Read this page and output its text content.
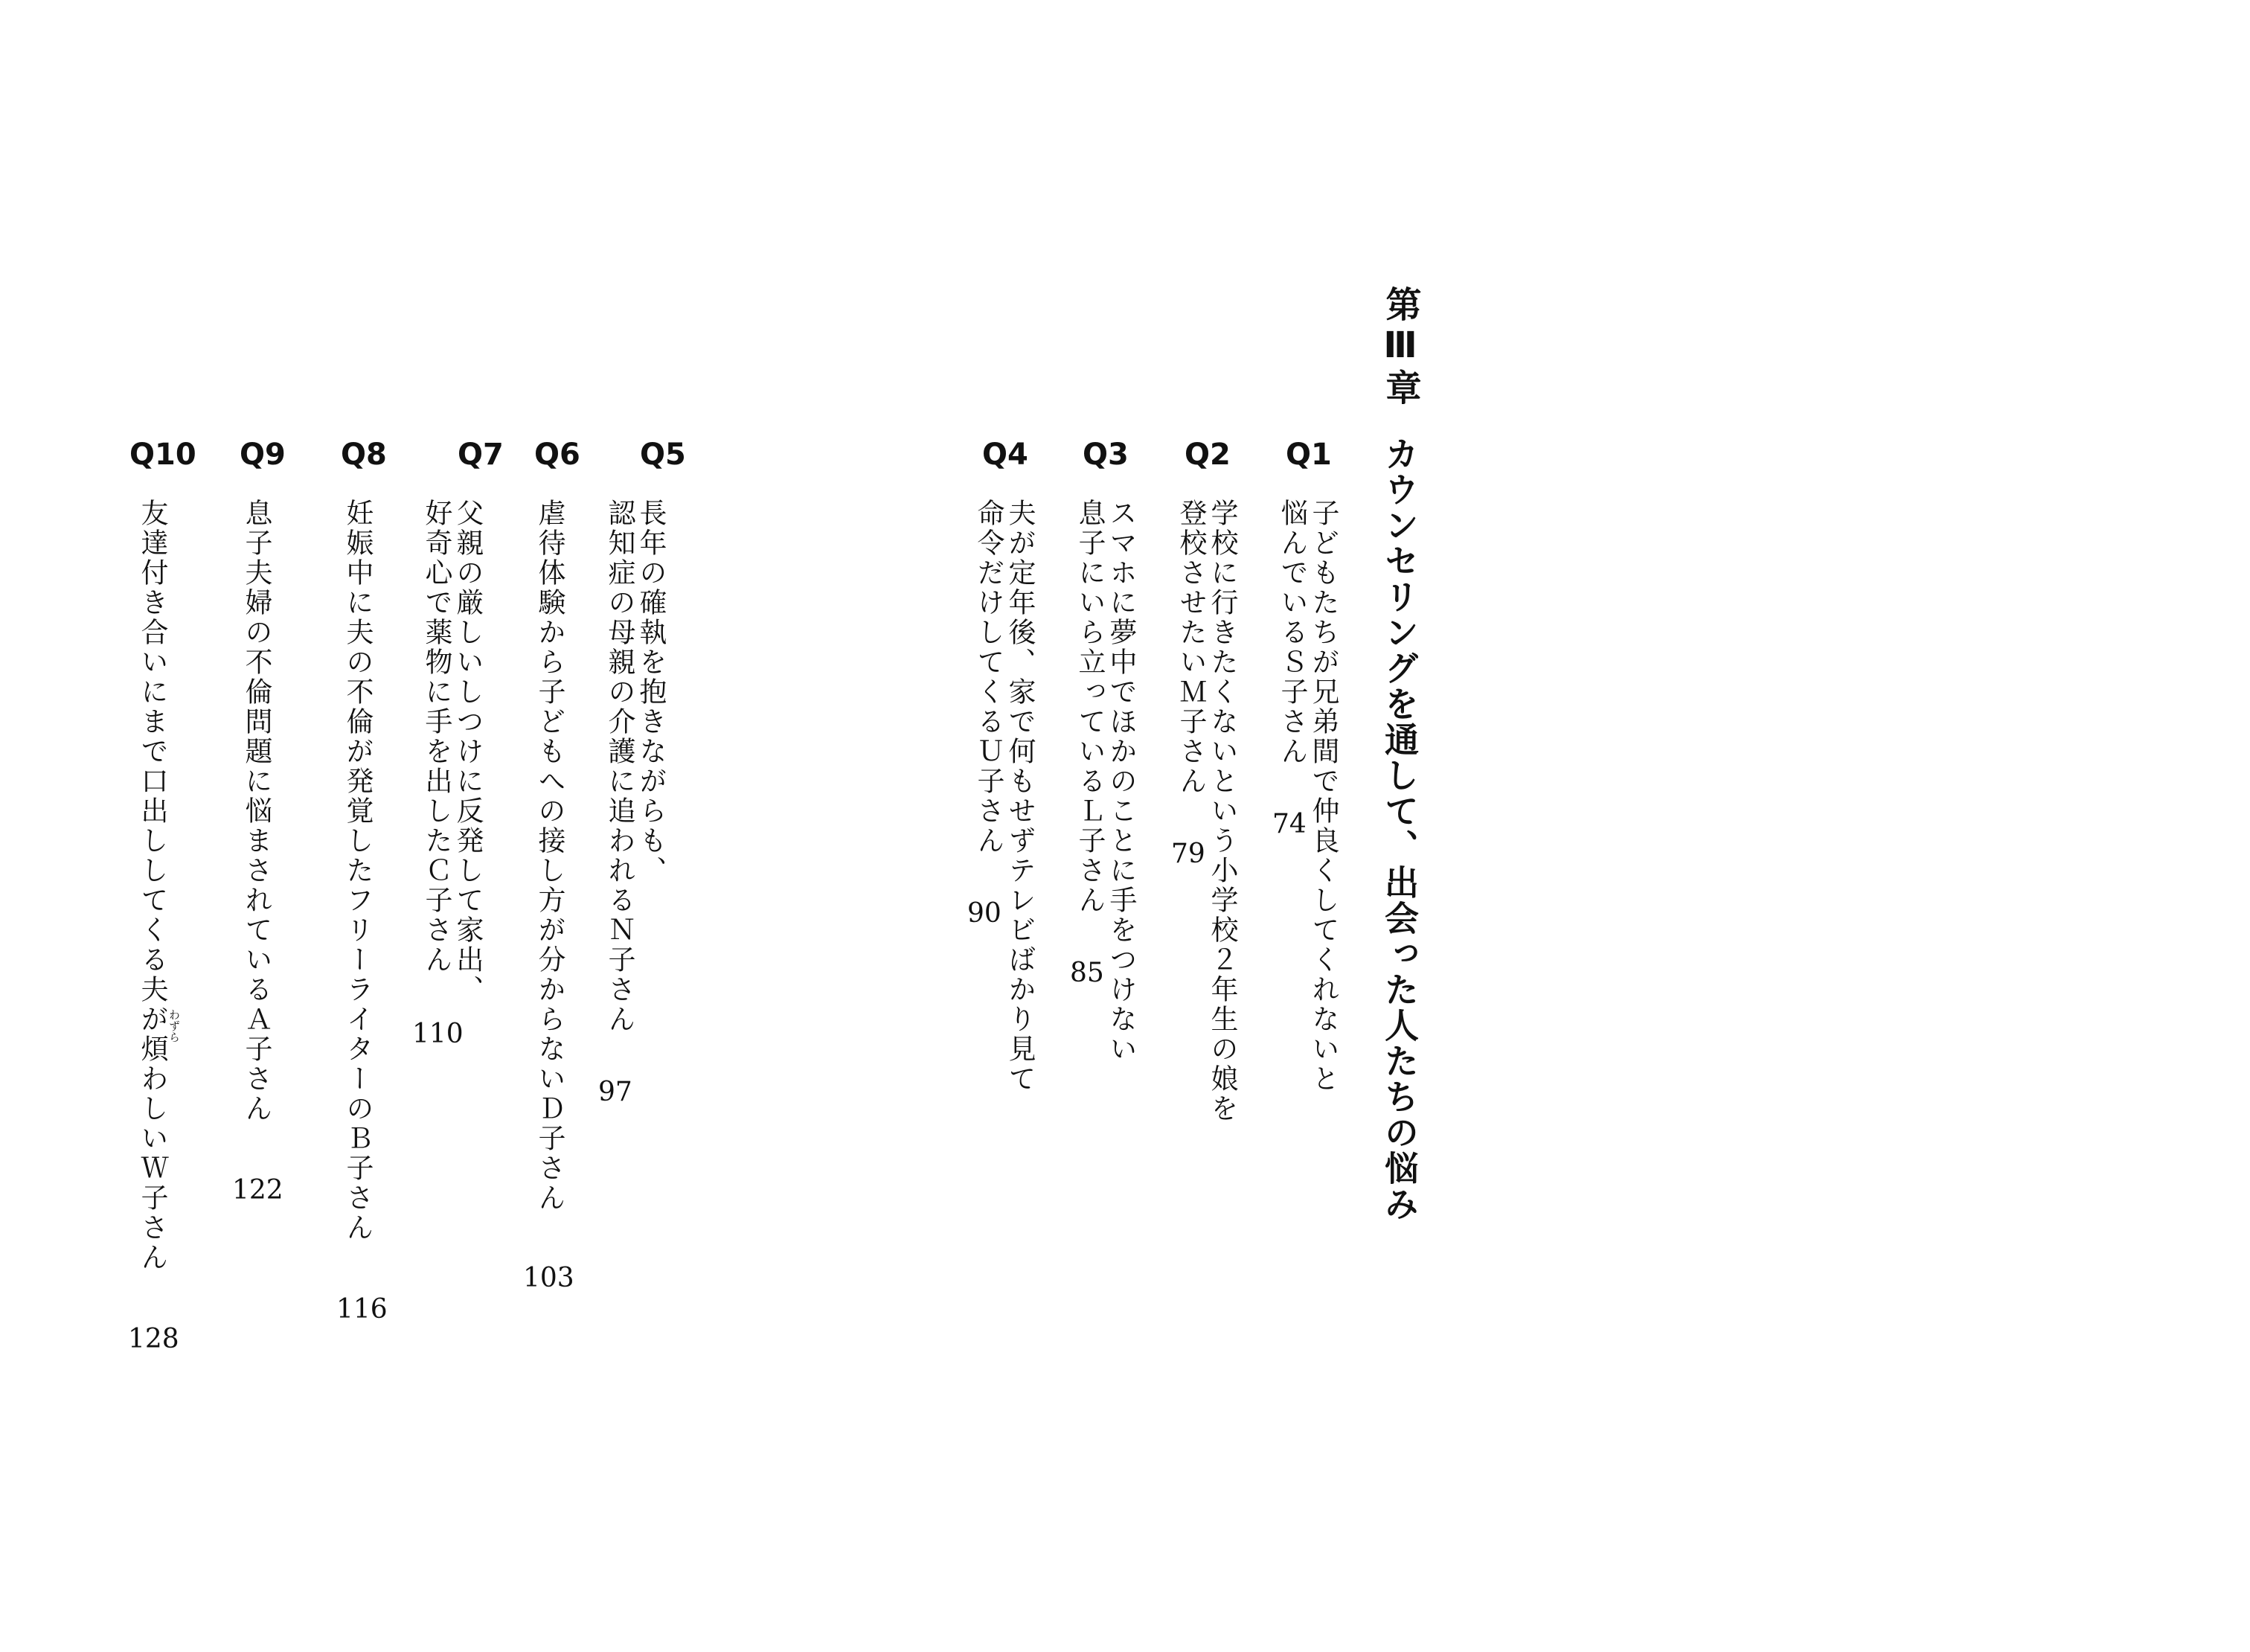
第Ⅲ章
カウンセリングを通して、出会った人たちの悩み
Q1
子どもたちが兄弟間で仲良くしてくれないと
悩んでいるＳ子さん
74
Q2
学校に行きたくないという小学校２年生の娘を
登校させたいＭ子さん
79
Q3
スマホに夢中でほかのことに手をつけない
息子にいら立っているＬ子さん
85
Q4
夫が定年後、家で何もせずテレビばかり見て
命令だけしてくるＵ子さん
90
Q5
長年の確執を抱きながらも、
認知症の母親の介護に追われるＮ子さん
97
Q6
虐待体験から子どもへの接し方が分からないＤ子さん
103
Q7
父親の厳しいしつけに反発して家出、
好奇心で薬物に手を出したＣ子さん
110
Q8
妊娠中に夫の不倫が発覚したフリーライターのＢ子さん
116
Q9
息子夫婦の不倫問題に悩まされているＡ子さん
122
Q10
友達付き合いにまで口出ししてくる夫が煩わしいＷ子さん わずら
128
